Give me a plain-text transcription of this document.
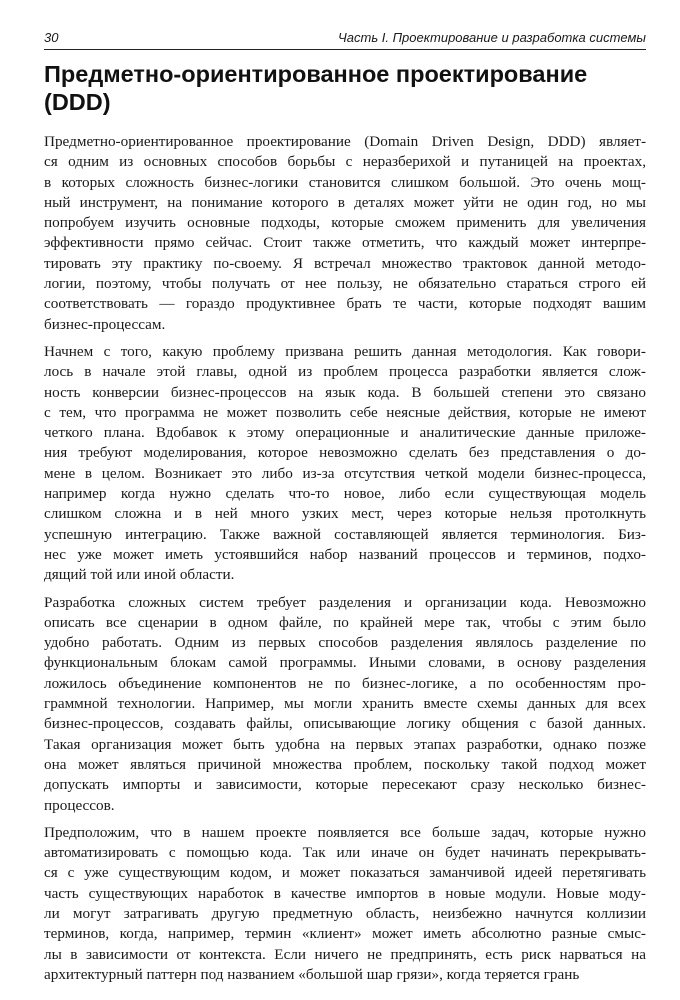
30	Часть I. Проектирование и разработка системы
Предметно-ориентированное проектирование
(DDD)

Предметно-ориентированное проектирование (Domain Driven Design, DDD) являет-
ся одним из основных способов борьбы с неразберихой и путаницей на проектах,
в которых сложность бизнес-логики становится слишком большой. Это очень мощ-
ный инструмент, на понимание которого в деталях может уйти не один год, но мы
попробуем изучить основные подходы, которые сможем применить для увеличения
эффективности прямо сейчас. Стоит также отметить, что каждый может интерпре-
тировать эту практику по-своему. Я встречал множество трактовок данной методо-
логии, поэтому, чтобы получать от нее пользу, не обязательно стараться строго ей
соответствовать — гораздо продуктивнее брать те части, которые подходят вашим
бизнес-процессам.

Начнем с того, какую проблему призвана решить данная методология. Как говори-
лось в начале этой главы, одной из проблем процесса разработки является слож-
ность конверсии бизнес-процессов на язык кода. В большей степени это связано
с тем, что программа не может позволить себе неясные действия, которые не имеют
четкого плана. Вдобавок к этому операционные и аналитические данные приложе-
ния требуют моделирования, которое невозможно сделать без представления о до-
мене в целом. Возникает это либо из-за отсутствия четкой модели бизнес-процесса,
например когда нужно сделать что-то новое, либо если существующая модель
слишком сложна и в ней много узких мест, через которые нельзя протолкнуть
успешную интеграцию. Также важной составляющей является терминология. Биз-
нес уже может иметь устоявшийся набор названий процессов и терминов, подхо-
дящий той или иной области.

Разработка сложных систем требует разделения и организации кода. Невозможно
описать все сценарии в одном файле, по крайней мере так, чтобы с этим было
удобно работать. Одним из первых способов разделения являлось разделение по
функциональным блокам самой программы. Иными словами, в основу разделения
ложилось объединение компонентов не по бизнес-логике, а по особенностям про-
граммной технологии. Например, мы могли хранить вместе схемы данных для всех
бизнес-процессов, создавать файлы, описывающие логику общения с базой данных.
Такая организация может быть удобна на первых этапах разработки, однако позже
она может являться причиной множества проблем, поскольку такой подход может
допускать импорты и зависимости, которые пересекают сразу несколько бизнес-
процессов.

Предположим, что в нашем проекте появляется все больше задач, которые нужно
автоматизировать с помощью кода. Так или иначе он будет начинать перекрывать-
ся с уже существующим кодом, и может показаться заманчивой идеей перетягивать
часть существующих наработок в качестве импортов в новые модули. Новые моду-
ли могут затрагивать другую предметную область, неизбежно начнутся коллизии
терминов, когда, например, термин «клиент» может иметь абсолютно разные смыс-
лы в зависимости от контекста. Если ничего не предпринять, есть риск нарваться на
архитектурный паттерн под названием «большой шар грязи», когда теряется грань
